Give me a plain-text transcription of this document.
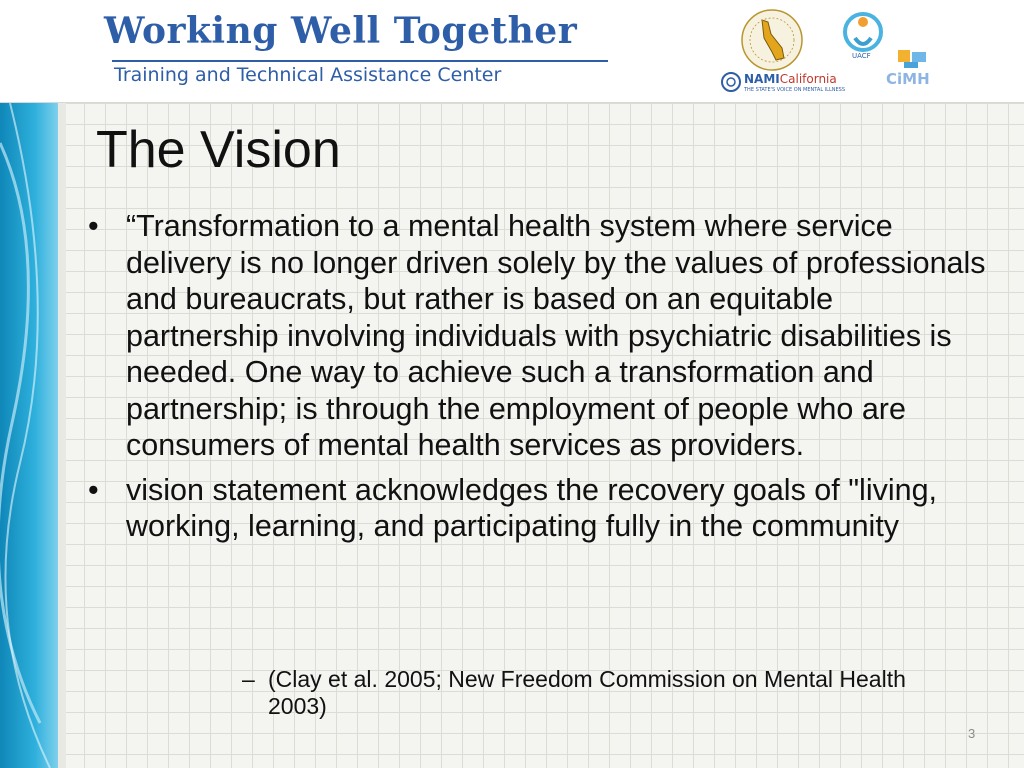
Working Well Together
Training and Technical Assistance Center
UACF
NAMICalifornia
THE STATE'S VOICE ON MENTAL ILLNESS
CiMH
The Vision
• “Transformation to a mental health system where service delivery is no longer driven solely by the values of professionals and bureaucrats, but rather is based on an equitable partnership involving individuals with psychiatric disabilities is needed. One way to achieve such a transformation and partnership; is through the employment of people who are consumers of mental health services as providers.
• vision statement acknowledges the recovery goals of "living, working, learning, and participating fully in the community
– (Clay et al. 2005; New Freedom Commission on Mental Health 2003)
3
